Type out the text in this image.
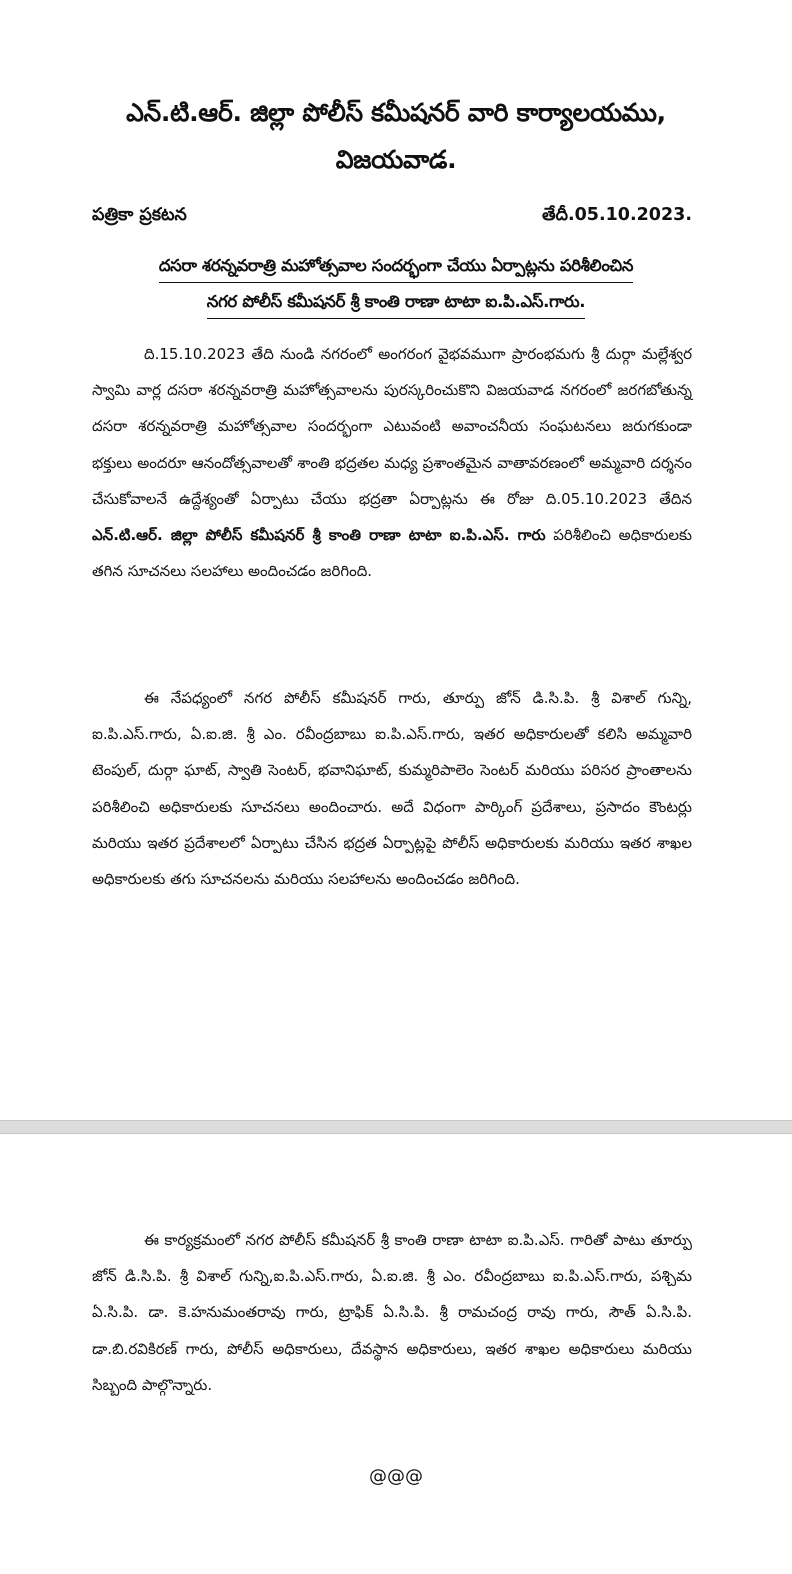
ఎన్.టి.ఆర్. జిల్లా పోలీస్ కమీషనర్ వారి కార్యాలయము,
విజయవాడ.
పత్రికా ప్రకటన	తేదీ.05.10.2023.
దసరా శరన్నవరాత్రి మహోత్సవాల సందర్భంగా చేయు ఏర్పాట్లను పరిశీలించిన
నగర పోలీస్ కమీషనర్ శ్రీ కాంతి రాణా టాటా ఐ.పి.ఎస్.గారు.
ది.15.10.2023 తేది నుండి నగరంలో అంగరంగ వైభవముగా ప్రారంభమగు శ్రీ దుర్గా మల్లేశ్వర స్వామి వార్ల దసరా శరన్నవరాత్రి మహోత్సవాలను పురస్కరించుకొని విజయవాడ నగరంలో జరగబోతున్న దసరా శరన్నవరాత్రి మహోత్సవాల సందర్భంగా ఎటువంటి అవాంచనీయ సంఘటనలు జరుగకుండా భక్తులు అందరూ ఆనందోత్సవాలతో శాంతి భద్రతల మధ్య ప్రశాంతమైన వాతావరణంలో అమ్మవారి దర్శనం చేసుకోవాలనే ఉద్దేశ్యంతో ఏర్పాటు చేయు భద్రతా ఏర్పాట్లను ఈ రోజు ది.05.10.2023 తేదిన ఎన్.టి.ఆర్. జిల్లా పోలీస్ కమీషనర్ శ్రీ కాంతి రాణా టాటా ఐ.పి.ఎస్. గారు పరిశీలించి అధికారులకు తగిన సూచనలు సలహాలు అందించడం జరిగింది.
ఈ నేపధ్యంలో నగర పోలీస్ కమీషనర్ గారు, తూర్పు జోన్ డి.సి.పి. శ్రీ విశాల్ గున్ని, ఐ.పి.ఎస్.గారు, ఏ.ఐ.జి. శ్రీ ఎం. రవీంద్రబాబు ఐ.పి.ఎస్.గారు, ఇతర అధికారులతో కలిసి అమ్మవారి టెంపుల్, దుర్గా ఘాట్, స్వాతి సెంటర్, భవానిఘాట్, కుమ్మరిపాలెం సెంటర్ మరియు పరిసర ప్రాంతాలను పరిశీలించి అధికారులకు సూచనలు అందించారు. అదే విధంగా పార్కింగ్ ప్రదేశాలు, ప్రసాదం కౌంటర్లు మరియు ఇతర ప్రదేశాలలో ఏర్పాటు చేసిన భద్రత ఏర్పాట్లపై పోలీస్ అధికారులకు మరియు ఇతర శాఖల అధికారులకు తగు సూచనలను మరియు సలహాలను అందించడం జరిగింది.
ఈ కార్యక్రమంలో నగర పోలీస్ కమీషనర్ శ్రీ కాంతి రాణా టాటా ఐ.పి.ఎస్. గారితో పాటు తూర్పు జోన్ డి.సి.పి. శ్రీ విశాల్ గున్ని,ఐ.పి.ఎస్.గారు, ఏ.ఐ.జి. శ్రీ ఎం. రవీంద్రబాబు ఐ.పి.ఎస్.గారు, పశ్చిమ ఏ.సి.పి. డా. కె.హనుమంతరావు గారు, ట్రాఫిక్ ఏ.సి.పి. శ్రీ రామచంద్ర రావు గారు, సౌత్ ఏ.సి.పి. డా.బి.రవికిరణ్ గారు, పోలీస్ అధికారులు, దేవస్థాన అధికారులు, ఇతర శాఖల అధికారులు మరియు సిబ్బంది పాల్గొన్నారు.
@@@
